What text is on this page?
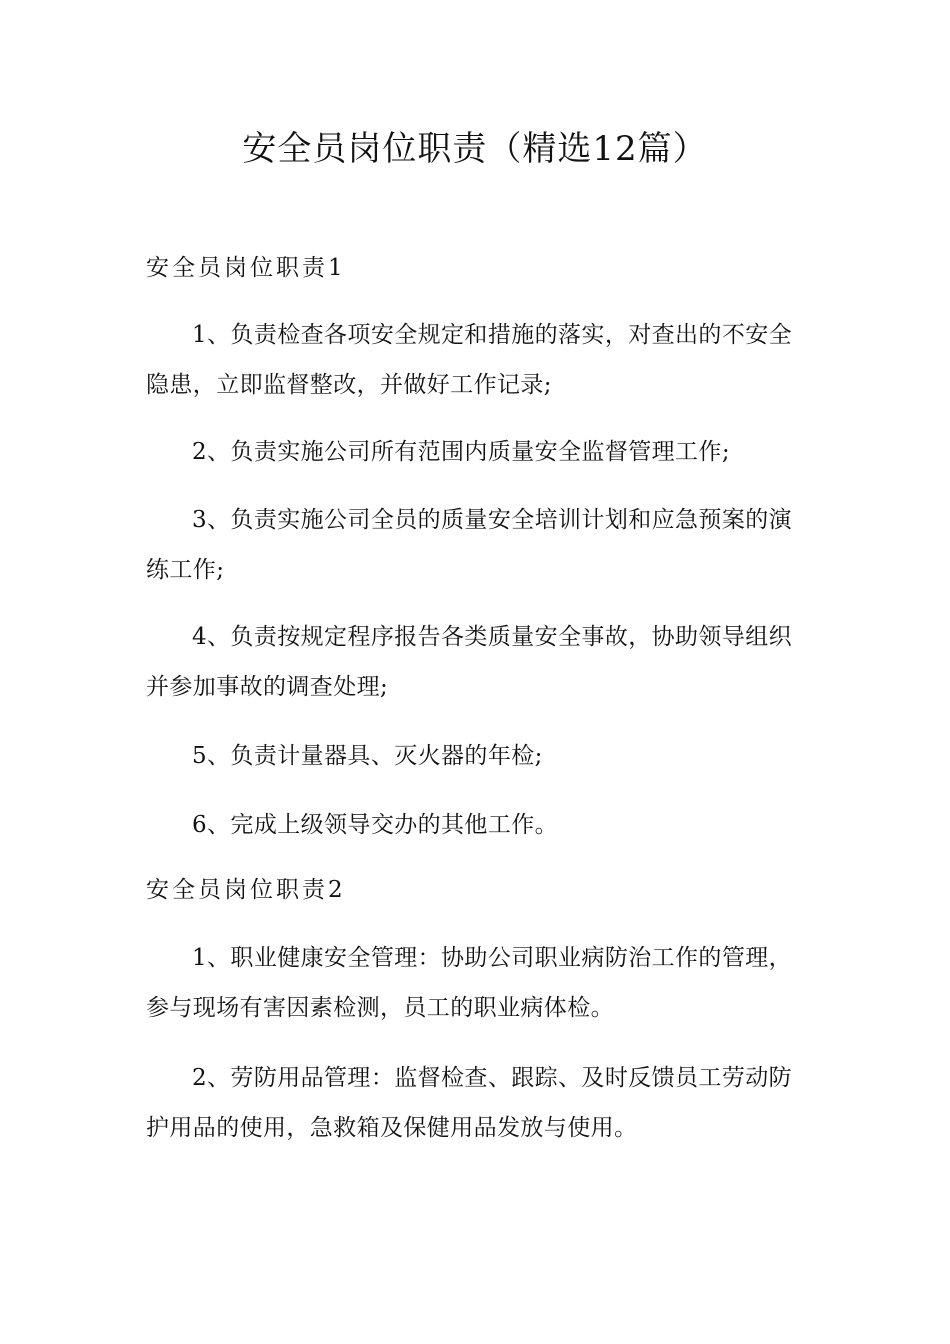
安全员岗位职责（精选12篇）
安全员岗位职责1

1、负责检查各项安全规定和措施的落实，对查出的不安全隐患，立即监督整改，并做好工作记录;

2、负责实施公司所有范围内质量安全监督管理工作;

3、负责实施公司全员的质量安全培训计划和应急预案的演练工作;

4、负责按规定程序报告各类质量安全事故，协助领导组织并参加事故的调查处理;

5、负责计量器具、灭火器的年检;

6、完成上级领导交办的其他工作。

安全员岗位职责2

1、职业健康安全管理：协助公司职业病防治工作的管理，参与现场有害因素检测，员工的职业病体检。

2、劳防用品管理：监督检查、跟踪、及时反馈员工劳动防护用品的使用，急救箱及保健用品发放与使用。
